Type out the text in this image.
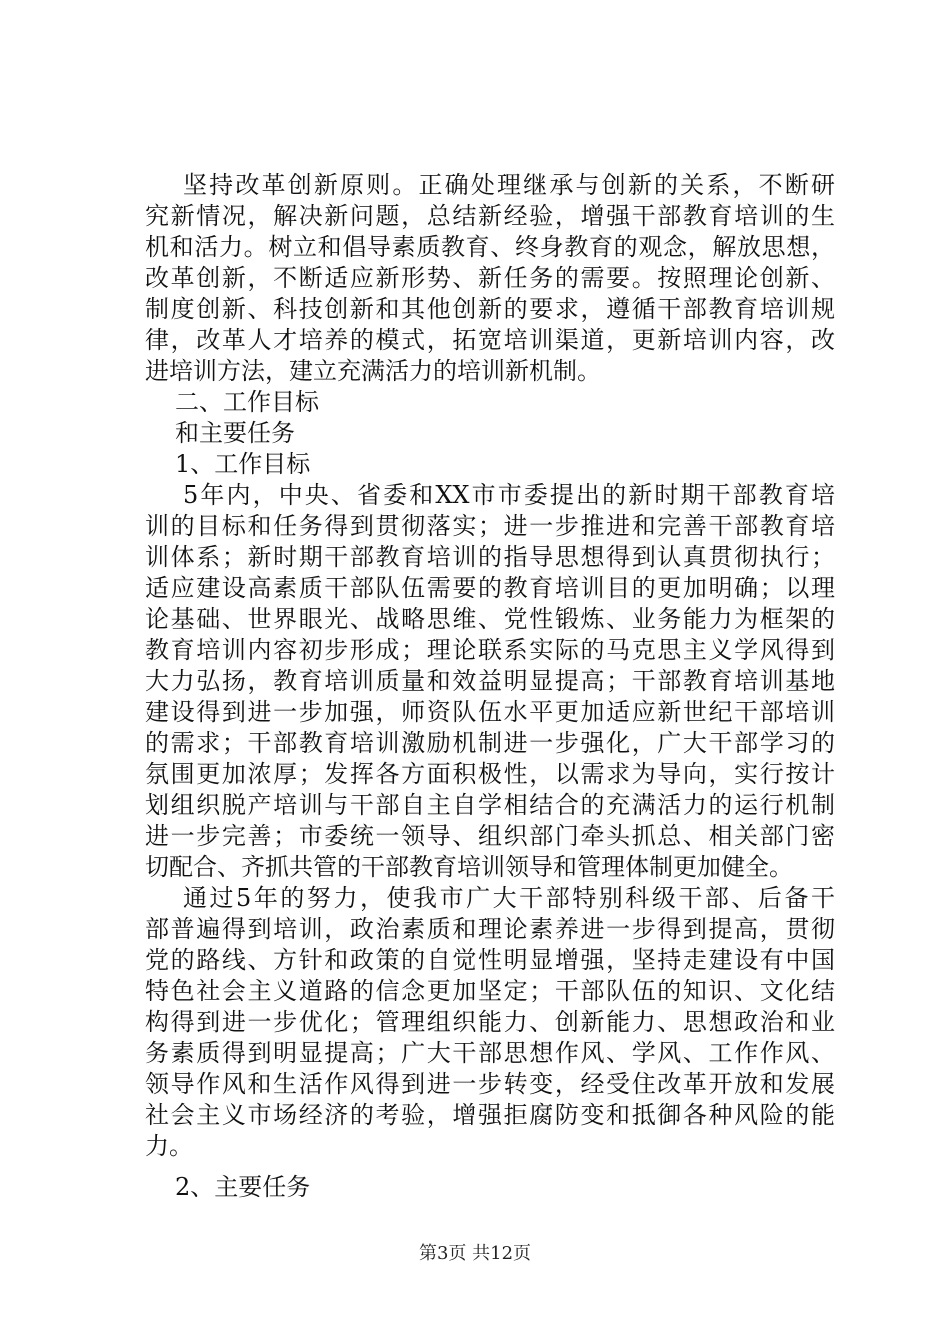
坚持改革创新原则。正确处理继承与创新的关系，不断研
究新情况，解决新问题，总结新经验，增强干部教育培训的生
机和活力。树立和倡导素质教育、终身教育的观念，解放思想，
改革创新，不断适应新形势、新任务的需要。按照理论创新、
制度创新、科技创新和其他创新的要求，遵循干部教育培训规
律，改革人才培养的模式，拓宽培训渠道，更新培训内容，改
进培训方法，建立充满活力的培训新机制。
二、工作目标
和主要任务
1、工作目标
5年内，中央、省委和XX市市委提出的新时期干部教育培
训的目标和任务得到贯彻落实；进一步推进和完善干部教育培
训体系；新时期干部教育培训的指导思想得到认真贯彻执行；
适应建设高素质干部队伍需要的教育培训目的更加明确；以理
论基础、世界眼光、战略思维、党性锻炼、业务能力为框架的
教育培训内容初步形成；理论联系实际的马克思主义学风得到
大力弘扬，教育培训质量和效益明显提高；干部教育培训基地
建设得到进一步加强，师资队伍水平更加适应新世纪干部培训
的需求；干部教育培训激励机制进一步强化，广大干部学习的
氛围更加浓厚；发挥各方面积极性，以需求为导向，实行按计
划组织脱产培训与干部自主自学相结合的充满活力的运行机制
进一步完善；市委统一领导、组织部门牵头抓总、相关部门密
切配合、齐抓共管的干部教育培训领导和管理体制更加健全。
通过5年的努力，使我市广大干部特别科级干部、后备干
部普遍得到培训，政治素质和理论素养进一步得到提高，贯彻
党的路线、方针和政策的自觉性明显增强，坚持走建设有中国
特色社会主义道路的信念更加坚定；干部队伍的知识、文化结
构得到进一步优化；管理组织能力、创新能力、思想政治和业
务素质得到明显提高；广大干部思想作风、学风、工作作风、
领导作风和生活作风得到进一步转变，经受住改革开放和发展
社会主义市场经济的考验，增强拒腐防变和抵御各种风险的能
力。
2、主要任务
第3页 共12页
